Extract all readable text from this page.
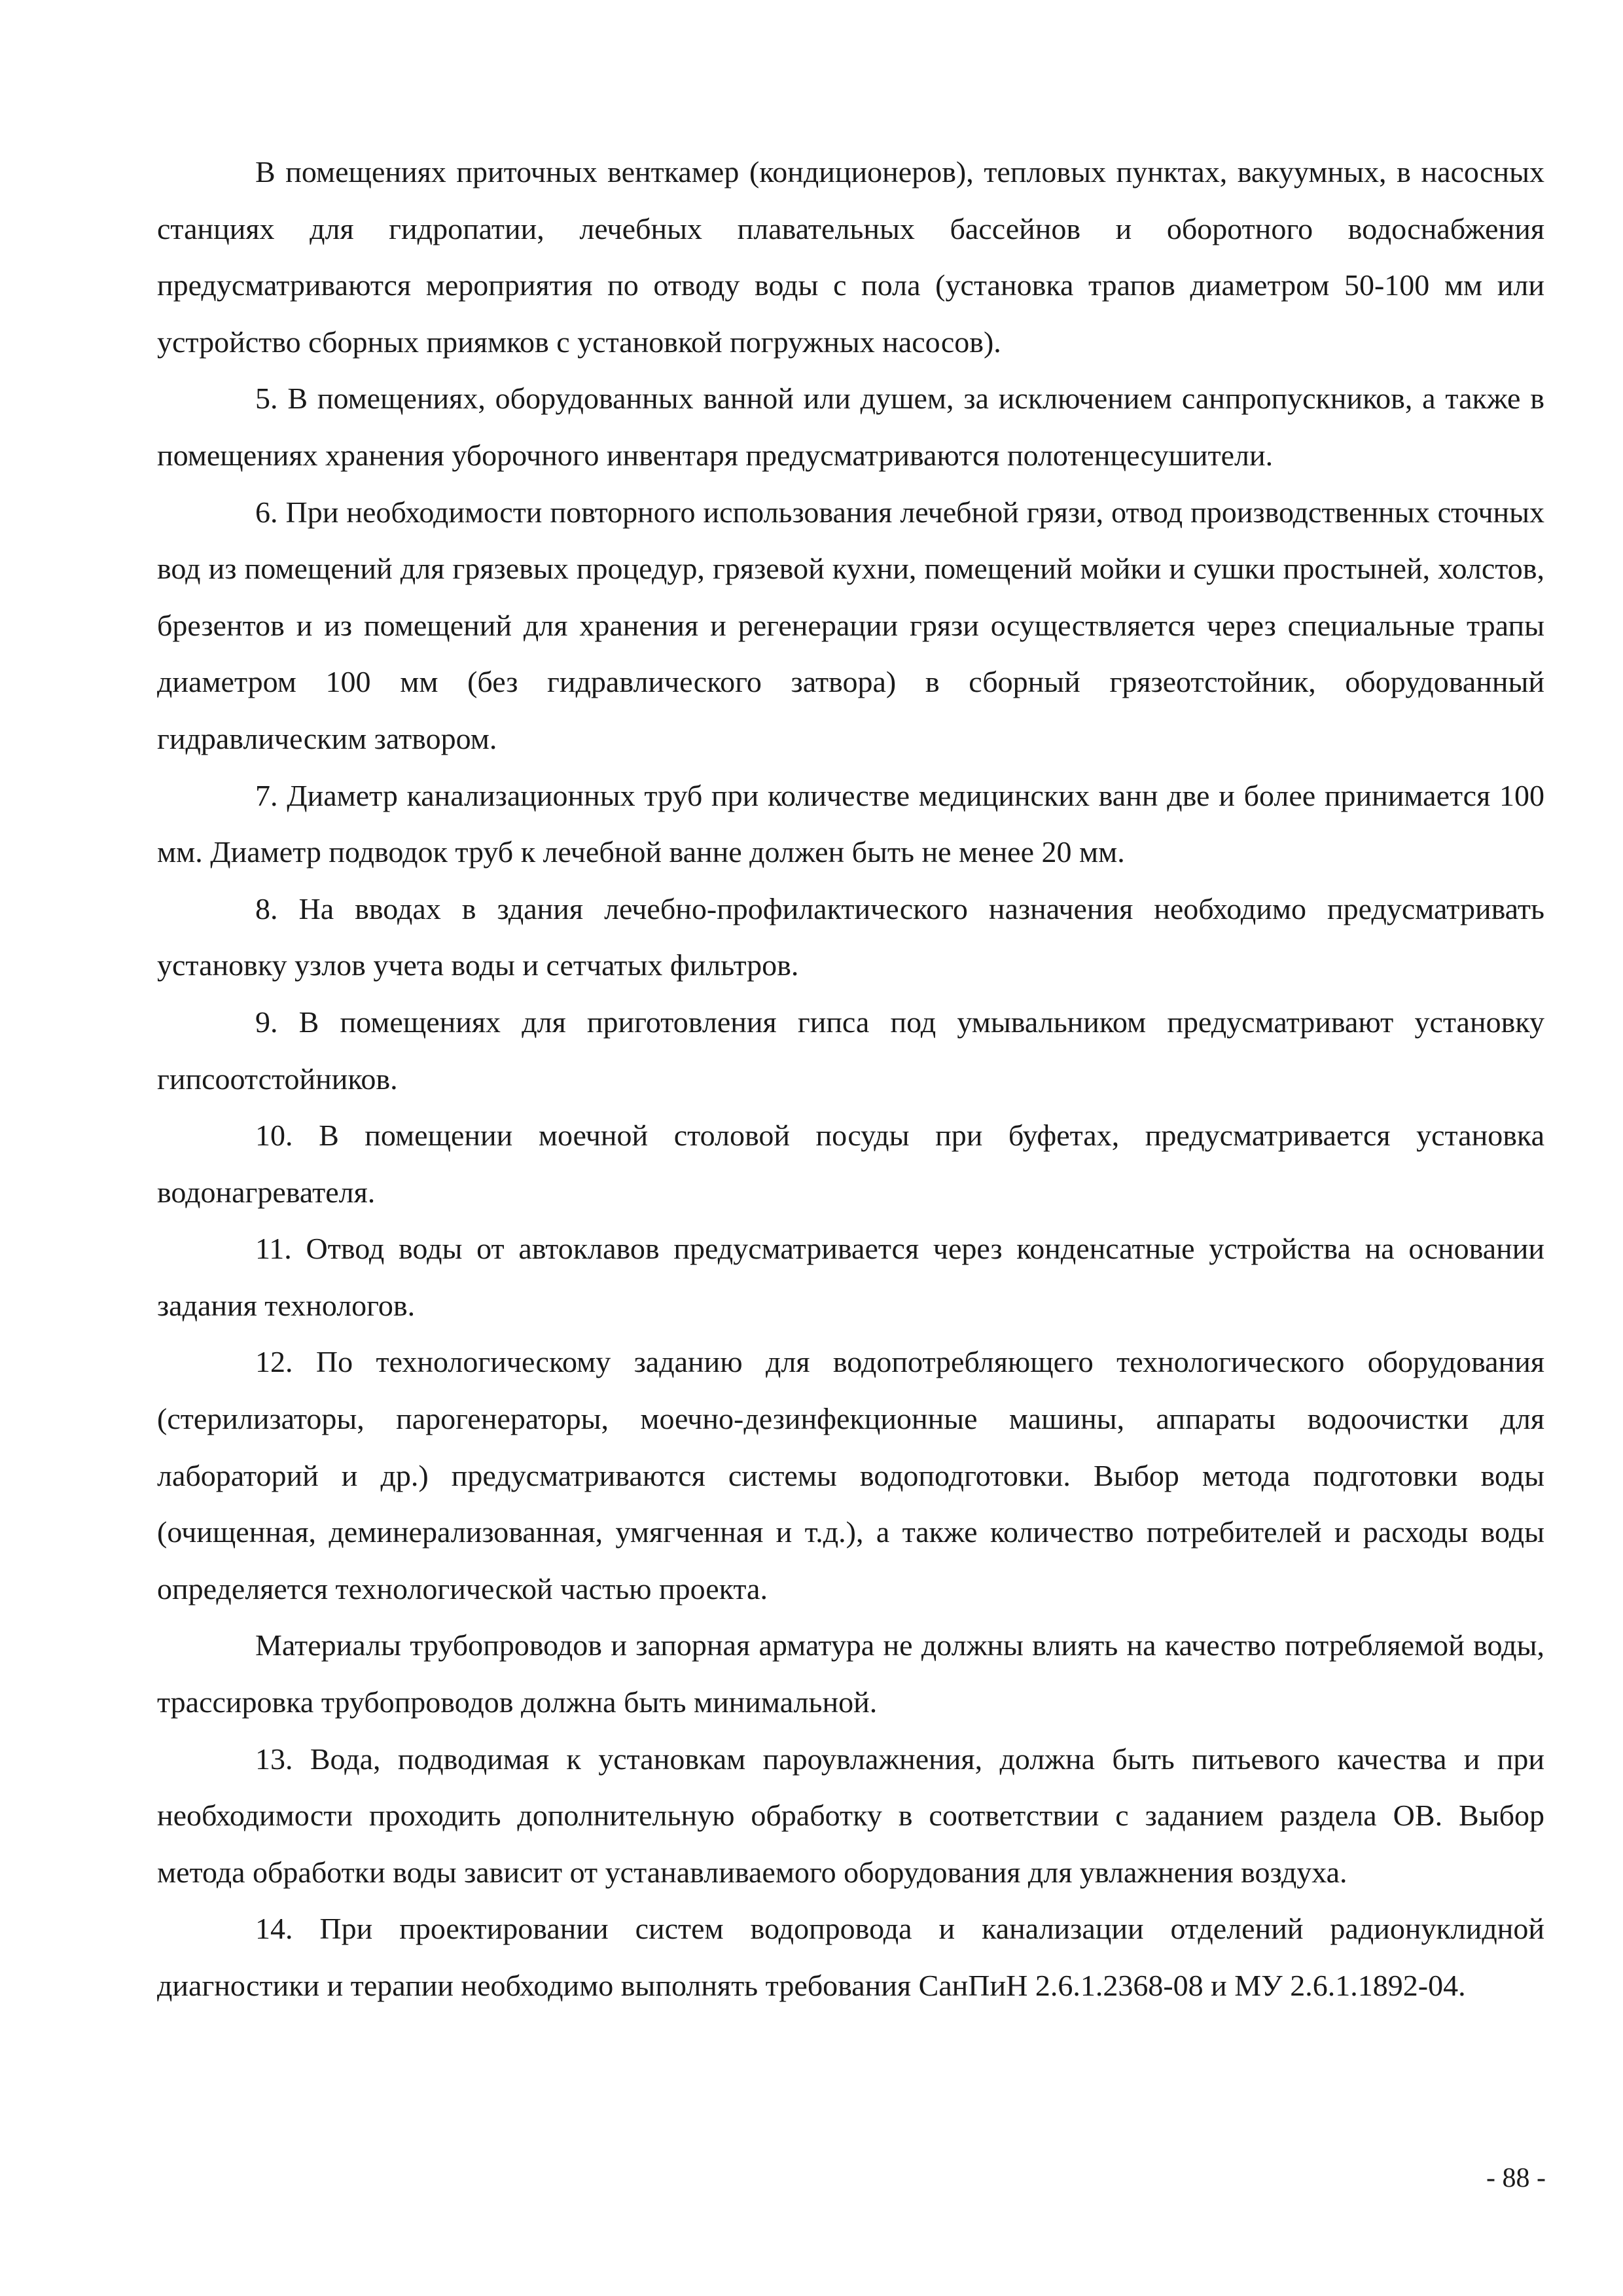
В помещениях приточных венткамер (кондиционеров), тепловых пунктах, вакуумных, в насосных станциях для гидропатии, лечебных плавательных бассейнов и оборотного водоснабжения предусматриваются мероприятия по отводу воды с пола (установка трапов диаметром 50-100 мм или устройство сборных приямков с установкой погружных насосов).

5. В помещениях, оборудованных ванной или душем, за исключением санпропускников, а также в помещениях хранения уборочного инвентаря предусматриваются полотенцесушители.

6. При необходимости повторного использования лечебной грязи, отвод производственных сточных вод из помещений для грязевых процедур, грязевой кухни, помещений мойки и сушки простыней, холстов, брезентов и из помещений для хранения и регенерации грязи осуществляется через специальные трапы диаметром 100 мм (без гидравлического затвора) в сборный грязеотстойник, оборудованный гидравлическим затвором.

7. Диаметр канализационных труб при количестве медицинских ванн две и более принимается 100 мм. Диаметр подводок труб к лечебной ванне должен быть не менее 20 мм.

8. На вводах в здания лечебно-профилактического назначения необходимо предусматривать установку узлов учета воды и сетчатых фильтров.

9. В помещениях для приготовления гипса под умывальником предусматривают установку гипсоотстойников.

10. В помещении моечной столовой посуды при буфетах, предусматривается установка водонагревателя.

11. Отвод воды от автоклавов предусматривается через конденсатные устройства на основании задания технологов.

12. По технологическому заданию для водопотребляющего технологического оборудования (стерилизаторы, парогенераторы, моечно-дезинфекционные машины, аппараты водоочистки для лабораторий и др.) предусматриваются системы водоподготовки. Выбор метода подготовки воды (очищенная, деминерализованная, умягченная и т.д.), а также количество потребителей и расходы воды определяется технологической частью проекта.

Материалы трубопроводов и запорная арматура не должны влиять на качество потребляемой воды, трассировка трубопроводов должна быть минимальной.

13. Вода, подводимая к установкам пароувлажнения, должна быть питьевого качества и при необходимости проходить дополнительную обработку в соответствии с заданием раздела ОВ. Выбор метода обработки воды зависит от устанавливаемого оборудования для увлажнения воздуха.

14. При проектировании систем водопровода и канализации отделений радионуклидной диагностики и терапии необходимо выполнять требования СанПиН 2.6.1.2368-08 и МУ 2.6.1.1892-04.

- 88 -
